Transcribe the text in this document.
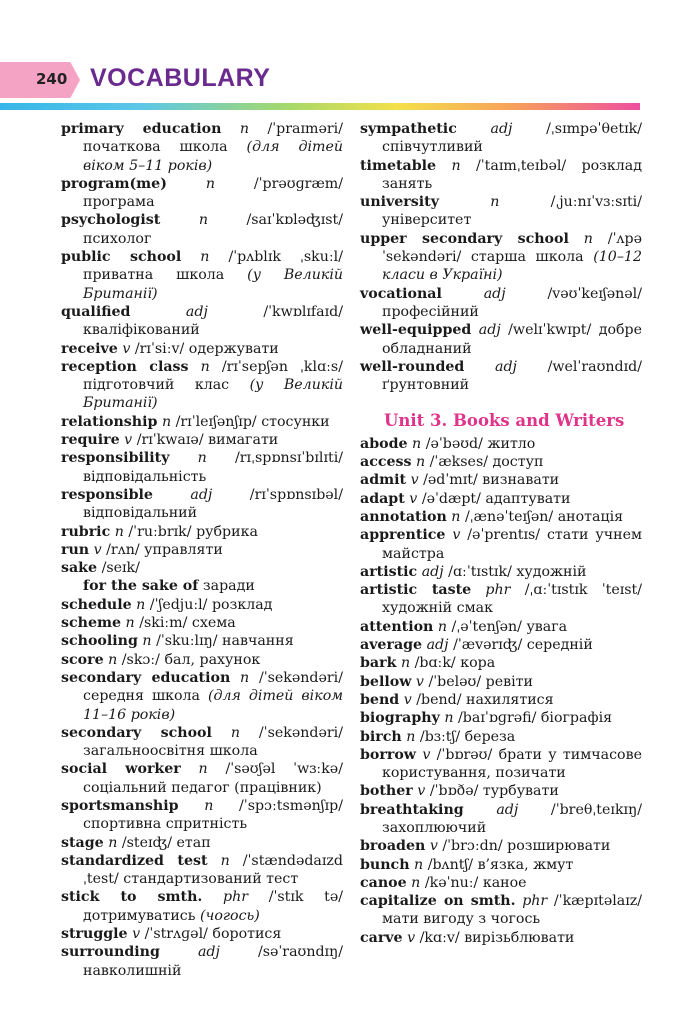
240 VOCABULARY
primary education n /ˈpraɪməri/ початкова школа (для дітей віком 5–11 років)
program(me)	n	/ˈprəʊɡræm/ програма
psychologist	n	/saɪˈkɒləʤɪst/ психолог
public school n /ˈpʌblɪk ˌskuːl/ приватна школа (у Великій Британії)
qualified	adj	/ˈkwɒlɪfaɪd/ кваліфікований
receive v /rɪˈsiːv/ одержувати
reception class n /rɪˈsepʃən ˌklɑːs/ підготовчий клас (у Великій Британії)
relationship n /rɪˈleɪʃənʃɪp/ стосунки
require v /rɪˈkwaɪə/ вимагати
responsibility n /rɪˌspɒnsɪˈbɪlɪti/ відповідальність
responsible	adj	/rɪˈspɒnsɪbəl/ відповідальний
rubric n /ˈruːbrɪk/ рубрика
run v /rʌn/ управляти
sake /seɪk/
for the sake of заради
schedule n /ˈʃedjuːl/ розклад
scheme n /skiːm/ схема
schooling n /ˈskuːlɪŋ/ навчання
score n /skɔː/ бал, рахунок
secondary education n /ˈsekəndəri/ середня школа (для дітей віком 11–16 років)
secondary school n /ˈsekəndəri/ загальноосвітня школа
social worker n /ˈsəʊʃəl ˈwɜːkə/ соціальний педагог (працівник)
sportsmanship n /ˈspɔːtsmənʃɪp/ спортивна спритність
stage n /steɪʤ/ етап
standardized test n /ˈstændədaɪzd ˌtest/ стандартизований тест
stick to smth. phr /ˈstɪk tə/ дотримуватись (чогось)
struggle v /ˈstrʌɡəl/ боротися
surrounding	adj	/səˈraʊndɪŋ/ навколишній
sympathetic adj /ˌsɪmpəˈθetɪk/ співчутливий
timetable n /ˈtaɪmˌteɪbəl/ розклад занять
university	n	/ˌjuːnɪˈvɜːsɪti/ університет
upper secondary school n /ˈʌpə ˈsekəndəri/ старша школа (10–12 класи в Україні)
vocational	adj	/vəʊˈkeɪʃənəl/ професійний
well-equipped adj /welɪˈkwɪpt/ добре обладнаний
well-rounded adj /welˈraʊndɪd/ ґрунтовний
Unit 3. Books and Writers
abode n /əˈbəʊd/ житло
access n /ˈækses/ доступ
admit v /ədˈmɪt/ визнавати
adapt v /əˈdæpt/ адаптувати
annotation n /ˌænəˈteɪʃən/ анотація
apprentice v /əˈprentɪs/ стати учнем майстра
artistic adj /ɑːˈtɪstɪk/ художній
artistic taste phr /ˌɑːˈtɪstɪk ˈteɪst/ художній смак
attention n /ˌəˈtenʃən/ увага
average adj /ˈævərɪʤ/ середній
bark n /bɑːk/ кора
bellow v /ˈbeləʊ/ ревіти
bend v /bend/ нахилятися
biography n /baɪˈɒɡrəfi/ біографія
birch n /bɜːtʃ/ береза
borrow v /ˈbɒrəʊ/ брати у тимчасове користування, позичати
bother v /ˈbɒðə/ турбувати
breathtaking adj /ˈbreθˌteɪkɪŋ/ захоплюючий
broaden v /ˈbrɔːdn/ розширювати
bunch n /bʌntʃ/ в’язка, жмут
canoe n /kəˈnuː/ каное
capitalize on smth. phr /ˈkæpɪtəlaɪz/ мати вигоду з чогось
carve v /kɑːv/ вирізьблювати
